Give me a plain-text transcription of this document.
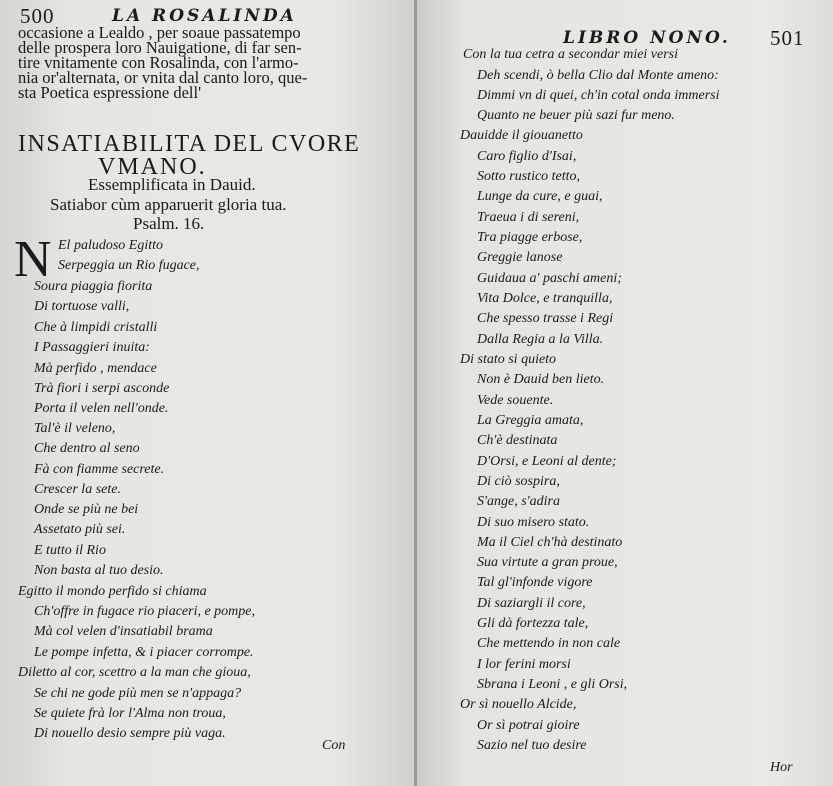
500	LA ROSALINDA
occasione a Lealdo , per soaue passatempo
delle prospera loro Nauigatione, di far sen-
tire vnitamente con Rosalinda, con l'armo-
nia or'alternata, or vnita dal canto loro, que-
sta Poetica espressione dell'
INSATIABILITA DEL CVORE
VMANO.
Essemplificata in Dauid.
Satiabor cùm apparuerit gloria tua.
Psalm. 16.
N El paludoso Egitto
Serpeggia un Rio fugace,
Soura piaggia fiorita
Di tortuose valli,
Che à limpidi cristalli
I Passaggieri inuita:
Mà perfido , mendace
Trà fiori i serpi asconde
Porta il velen nell'onde.
Tal'è il veleno,
Che dentro al seno
Fà con fiamme secrete.
Crescer la sete.
Onde se più ne bei
Assetato più sei.
E tutto il Rio
Non basta al tuo desio.
Egitto il mondo perfido si chiama
Ch'offre in fugace rio piaceri, e pompe,
Mà col velen d'insatiabil brama
Le pompe infetta, & i piacer corrompe.
Diletto al cor, scettro a la man che gioua,
Se chi ne gode più men se n'appaga?
Se quiete frà lor l'Alma non troua,
Di nouello desio sempre più vaga.
Con
LIBRO NONO. 501
Con la tua cetra a secondar miei versi
Deh scendi, ò bella Clio dal Monte ameno:
Dimmi vn di quei, ch'in cotal onda immersi
Quanto ne beuer più sazi fur meno.
Dauidde il giouanetto
Caro figlio d'Isai,
Sotto rustico tetto,
Lunge da cure, e guai,
Traeua i di sereni,
Tra piagge erbose,
Greggie lanose
Guidaua a' paschi ameni;
Vita Dolce, e tranquilla,
Che spesso trasse i Regi
Dalla Regia a la Villa.
Di stato si quieto
Non è Dauid ben lieto.
Vede souente.
La Greggia amata,
Ch'è destinata
D'Orsi, e Leoni al dente;
Di ciò sospira,
S'ange, s'adira
Di suo misero stato.
Ma il Ciel ch'hà destinato
Sua virtute a gran proue,
Tal gl'infonde vigore
Di saziargli il core,
Gli dà fortezza tale,
Che mettendo in non cale
I lor ferini morsi
Sbrana i Leoni , e gli Orsi,
Or sì nouello Alcide,
Or sì potrai gioire
Sazio nel tuo desire
Hor
